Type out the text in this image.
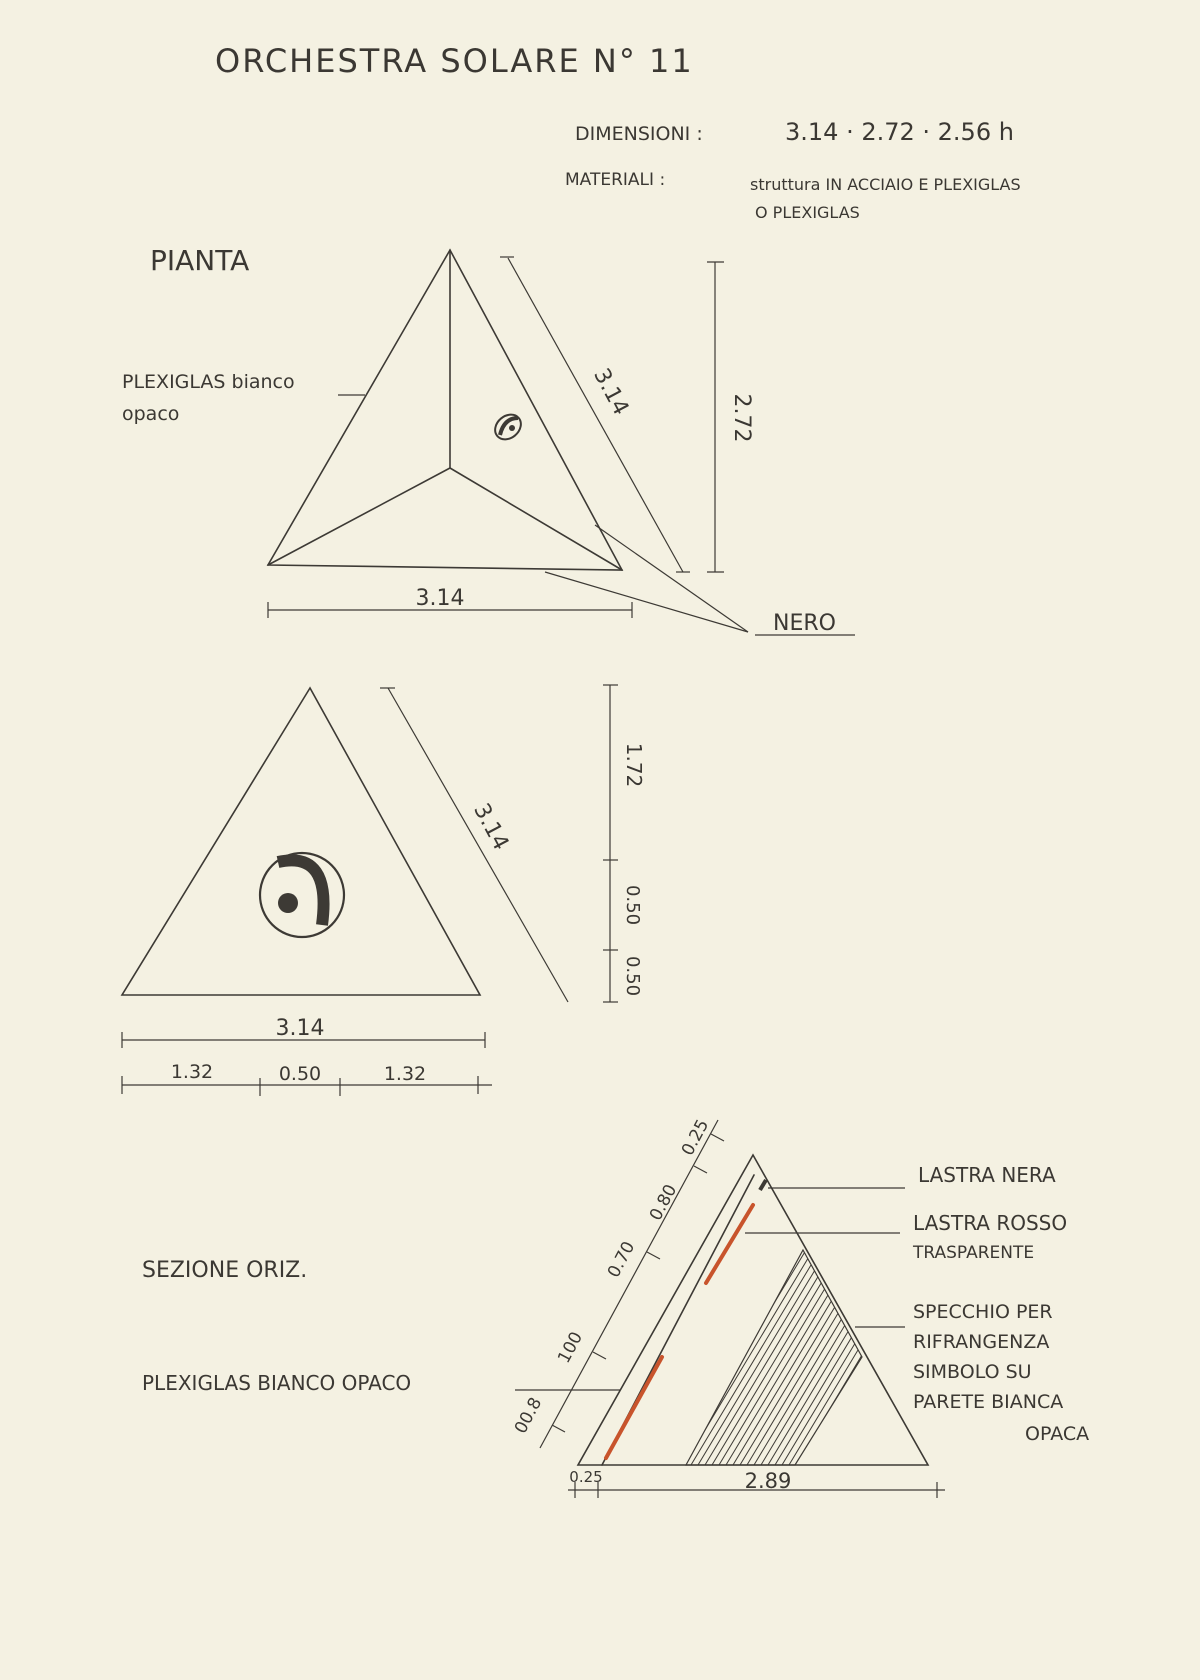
ORCHESTRA SOLARE N° 11
DIMENSIONI :	3.14 · 2.72 · 2.56 h
MATERIALI :	struttura IN ACCIAIO E PLEXIGLAS
O PLEXIGLAS
PIANTA
PLEXIGLAS bianco
opaco
NERO
3.14	2.72
3.14
3.14
1.72
0.50
0.50
3.14
1.32	0.50	1.32
SEZIONE ORIZ.
PLEXIGLAS BIANCO OPACO
LASTRA NERA
LASTRA ROSSO
TRASPARENTE
SPECCHIO PER
RIFRANGENZA
SIMBOLO SU
PARETE BIANCA
OPACA
0.25
0.80
0.70
100
00.8
0.25	2.89
